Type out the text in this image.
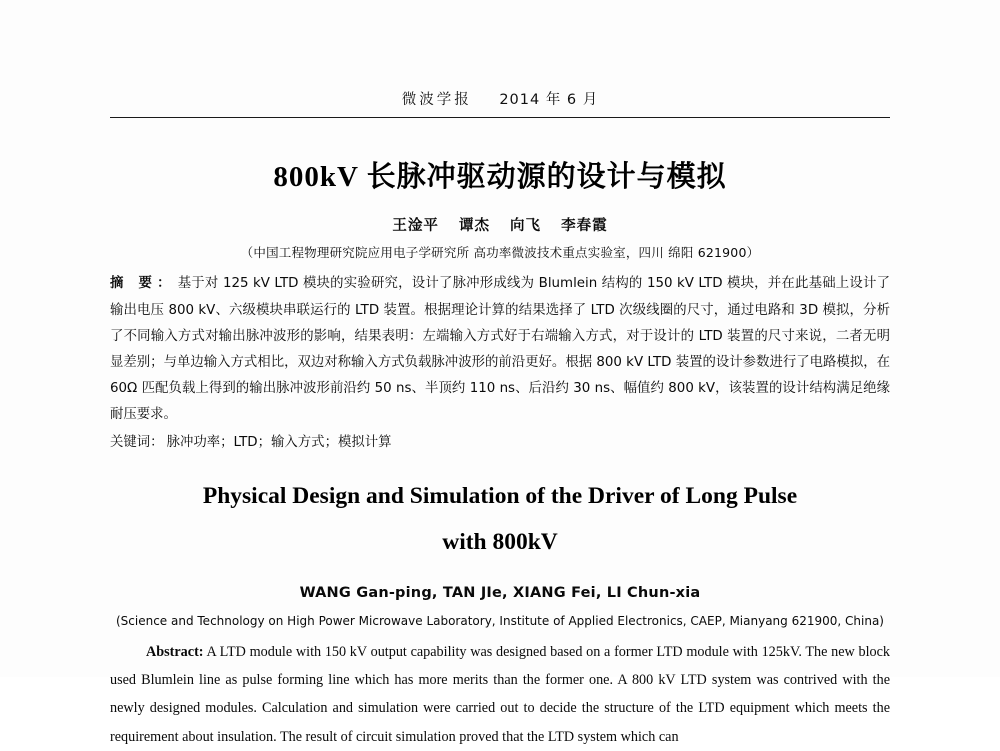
微波学报 2014 年 6 月
800kV 长脉冲驱动源的设计与模拟
王淦平 谭杰 向飞 李春霞
（中国工程物理研究院应用电子学研究所 高功率微波技术重点实验室，四川 绵阳 621900）
摘 要： 基于对 125 kV LTD 模块的实验研究，设计了脉冲形成线为 Blumlein 结构的 150 kV LTD 模块，并在此基础上设计了输出电压 800 kV、六级模块串联运行的 LTD 装置。根据理论计算的结果选择了 LTD 次级线圈的尺寸，通过电路和 3D 模拟，分析了不同输入方式对输出脉冲波形的影响，结果表明：左端输入方式好于右端输入方式，对于设计的 LTD 装置的尺寸来说，二者无明显差别；与单边输入方式相比，双边对称输入方式负载脉冲波形的前沿更好。根据 800 kV LTD 装置的设计参数进行了电路模拟，在 60Ω 匹配负载上得到的输出脉冲波形前沿约 50 ns、半顶约 110 ns、后沿约 30 ns、幅值约 800 kV，该装置的设计结构满足绝缘耐压要求。
关键词： 脉冲功率；LTD；输入方式；模拟计算
Physical Design and Simulation of the Driver of Long Pulse
with 800kV
WANG Gan-ping, TAN JIe, XIANG Fei, LI Chun-xia
(Science and Technology on High Power Microwave Laboratory, Institute of Applied Electronics, CAEP, Mianyang 621900, China)
Abstract: A LTD module with 150 kV output capability was designed based on a former LTD module with 125kV. The new block used Blumlein line as pulse forming line which has more merits than the former one. A 800 kV LTD system was contrived with the newly designed modules. Calculation and simulation were carried out to decide the structure of the LTD equipment which meets the requirement about insulation. The result of circuit simulation proved that the LTD system which can
